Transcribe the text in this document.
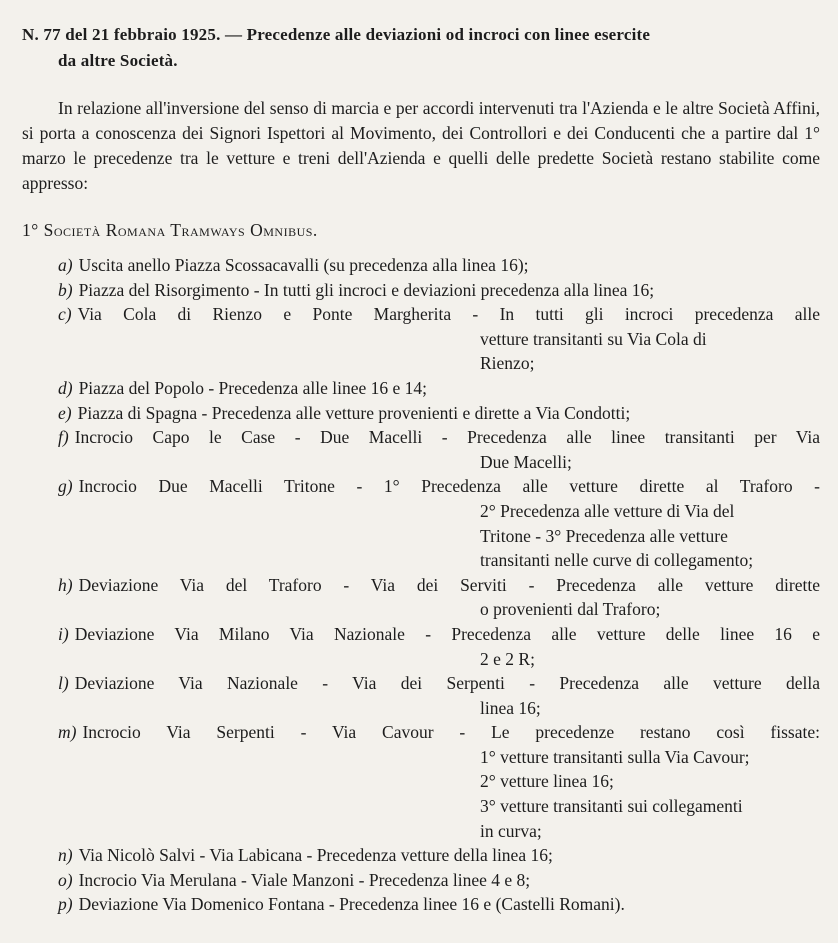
N. 77 del 21 febbraio 1925. — Precedenze alle deviazioni od incroci con linee esercite
da altre Società.
In relazione all'inversione del senso di marcia e per accordi intervenuti tra l'Azienda e le altre Società Affini, si porta a conoscenza dei Signori Ispettori al Movimento, dei Controllori e dei Conducenti che a partire dal 1° marzo le precedenze tra le vetture e treni dell'Azienda e quelli delle predette Società restano stabilite come appresso:
1° Società Romana Tramways Omnibus.
a) Uscita anello Piazza Scossacavalli (su precedenza alla linea 16);
b) Piazza del Risorgimento - In tutti gli incroci e deviazioni precedenza alla linea 16;
c) Via Cola di Rienzo e Ponte Margherita - In tutti gli incroci precedenza alle
vetture transitanti su Via Cola di
Rienzo;
d) Piazza del Popolo - Precedenza alle linee 16 e 14;
e) Piazza di Spagna - Precedenza alle vetture provenienti e dirette a Via Condotti;
f) Incrocio Capo le Case - Due Macelli - Precedenza alle linee transitanti per Via
Due Macelli;
g) Incrocio Due Macelli Tritone - 1° Precedenza alle vetture dirette al Traforo -
2° Precedenza alle vetture di Via del
Tritone - 3° Precedenza alle vetture
transitanti nelle curve di collegamento;
h) Deviazione Via del Traforo - Via dei Serviti - Precedenza alle vetture dirette
o provenienti dal Traforo;
i) Deviazione Via Milano Via Nazionale - Precedenza alle vetture delle linee 16 e
2 e 2 R;
l) Deviazione Via Nazionale - Via dei Serpenti - Precedenza alle vetture della
linea 16;
m) Incrocio Via Serpenti - Via Cavour - Le precedenze restano così fissate:
1° vetture transitanti sulla Via Cavour;
2° vetture linea 16;
3° vetture transitanti sui collegamenti
in curva;
n) Via Nicolò Salvi - Via Labicana - Precedenza vetture della linea 16;
o) Incrocio Via Merulana - Viale Manzoni - Precedenza linee 4 e 8;
p) Deviazione Via Domenico Fontana - Precedenza linee 16 e (Castelli Romani).
